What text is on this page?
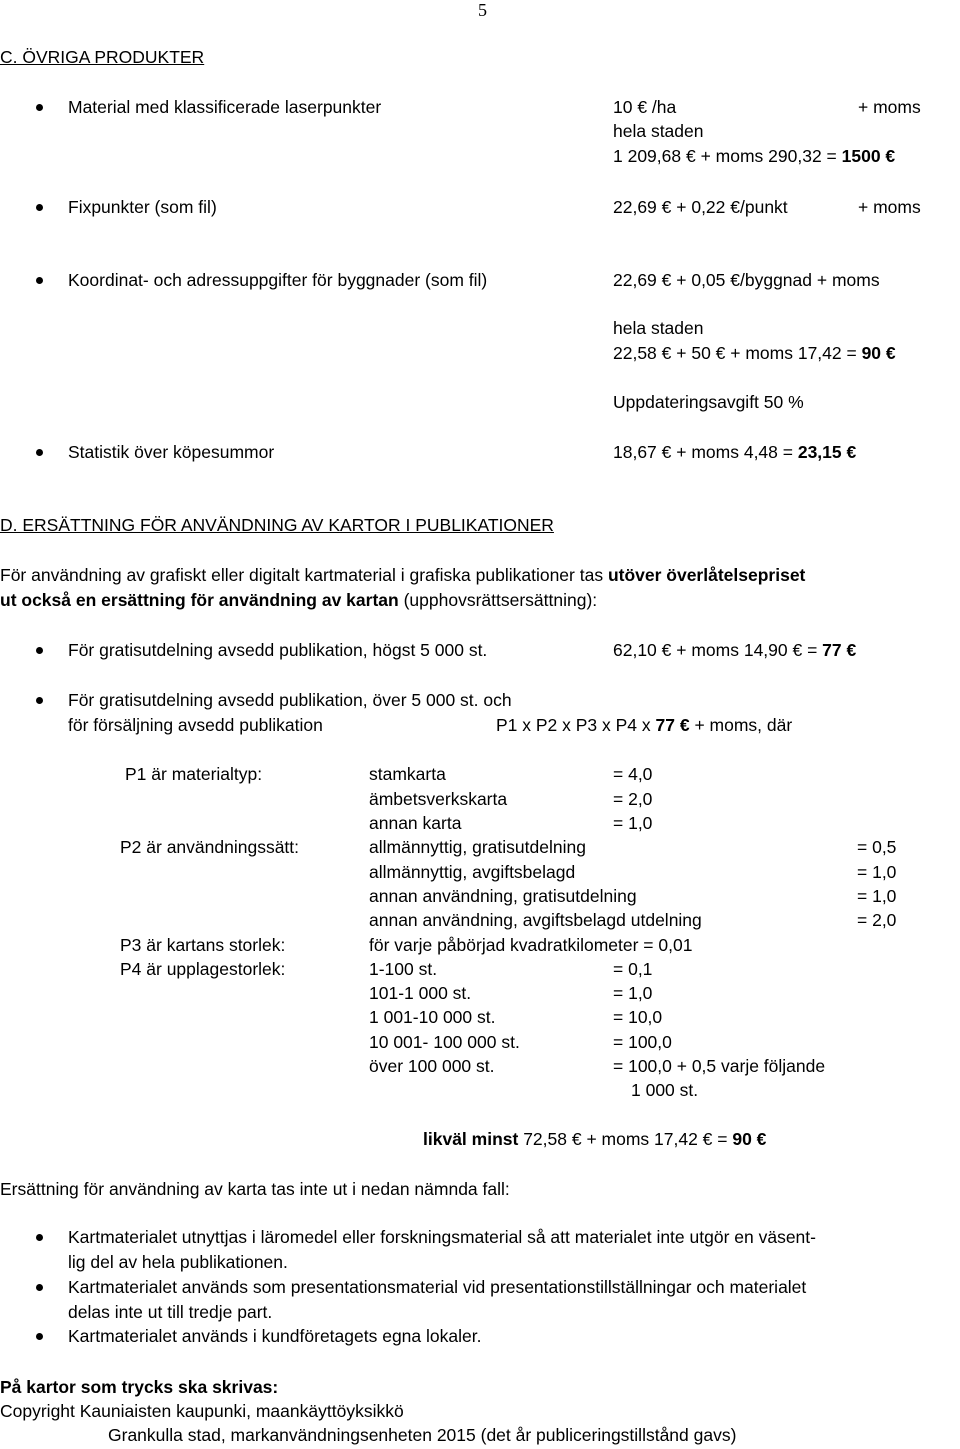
5
C. ÖVRIGA PRODUKTER
Material med klassificerade laserpunkter	10 € /ha	+ moms
hela staden
1 209,68 € + moms 290,32 = 1500 €
Fixpunkter (som fil)	22,69 € + 0,22 €/punkt	+ moms
Koordinat- och adressuppgifter för byggnader (som fil)	22,69 € + 0,05 €/byggnad + moms
hela staden
22,58 € + 50 € + moms 17,42 = 90 €
Uppdateringsavgift 50 %
Statistik över köpesummor	18,67 € + moms 4,48 = 23,15 €
D. ERSÄTTNING FÖR ANVÄNDNING AV KARTOR I PUBLIKATIONER
För användning av grafiskt eller digitalt kartmaterial i grafiska publikationer tas utöver överlåtelsepriset
ut också en ersättning för användning av kartan (upphovsrättsersättning):
För gratisutdelning avsedd publikation, högst 5 000 st.	62,10 € + moms 14,90 € = 77 €
För gratisutdelning avsedd publikation, över 5 000 st. och
för försäljning avsedd publikation	P1 x P2 x P3 x P4 x 77 € + moms, där
P1 är materialtyp:	stamkarta	= 4,0
ämbetsverkskarta	= 2,0
annan karta	= 1,0
P2 är användningssätt:	allmännyttig, gratisutdelning	= 0,5
allmännyttig, avgiftsbelagd	= 1,0
annan användning, gratisutdelning	= 1,0
annan användning, avgiftsbelagd utdelning	= 2,0
P3 är kartans storlek:	för varje påbörjad kvadratkilometer = 0,01
P4 är upplagestorlek:	1-100 st.	= 0,1
101-1 000 st.	= 1,0
1 001-10 000 st.	= 10,0
10 001- 100 000 st.	= 100,0
över 100 000 st.	= 100,0 + 0,5 varje följande
1 000 st.
likväl minst 72,58 € + moms 17,42 € = 90 €
Ersättning för användning av karta tas inte ut i nedan nämnda fall:
Kartmaterialet utnyttjas i läromedel eller forskningsmaterial så att materialet inte utgör en väsent-
lig del av hela publikationen.
Kartmaterialet används som presentationsmaterial vid presentationstillställningar och materialet
delas inte ut till tredje part.
Kartmaterialet används i kundföretagets egna lokaler.
På kartor som trycks ska skrivas:
Copyright Kauniaisten kaupunki, maankäyttöyksikkö
Grankulla stad, markanvändningsenheten 2015 (det år publiceringstillstånd gavs)
